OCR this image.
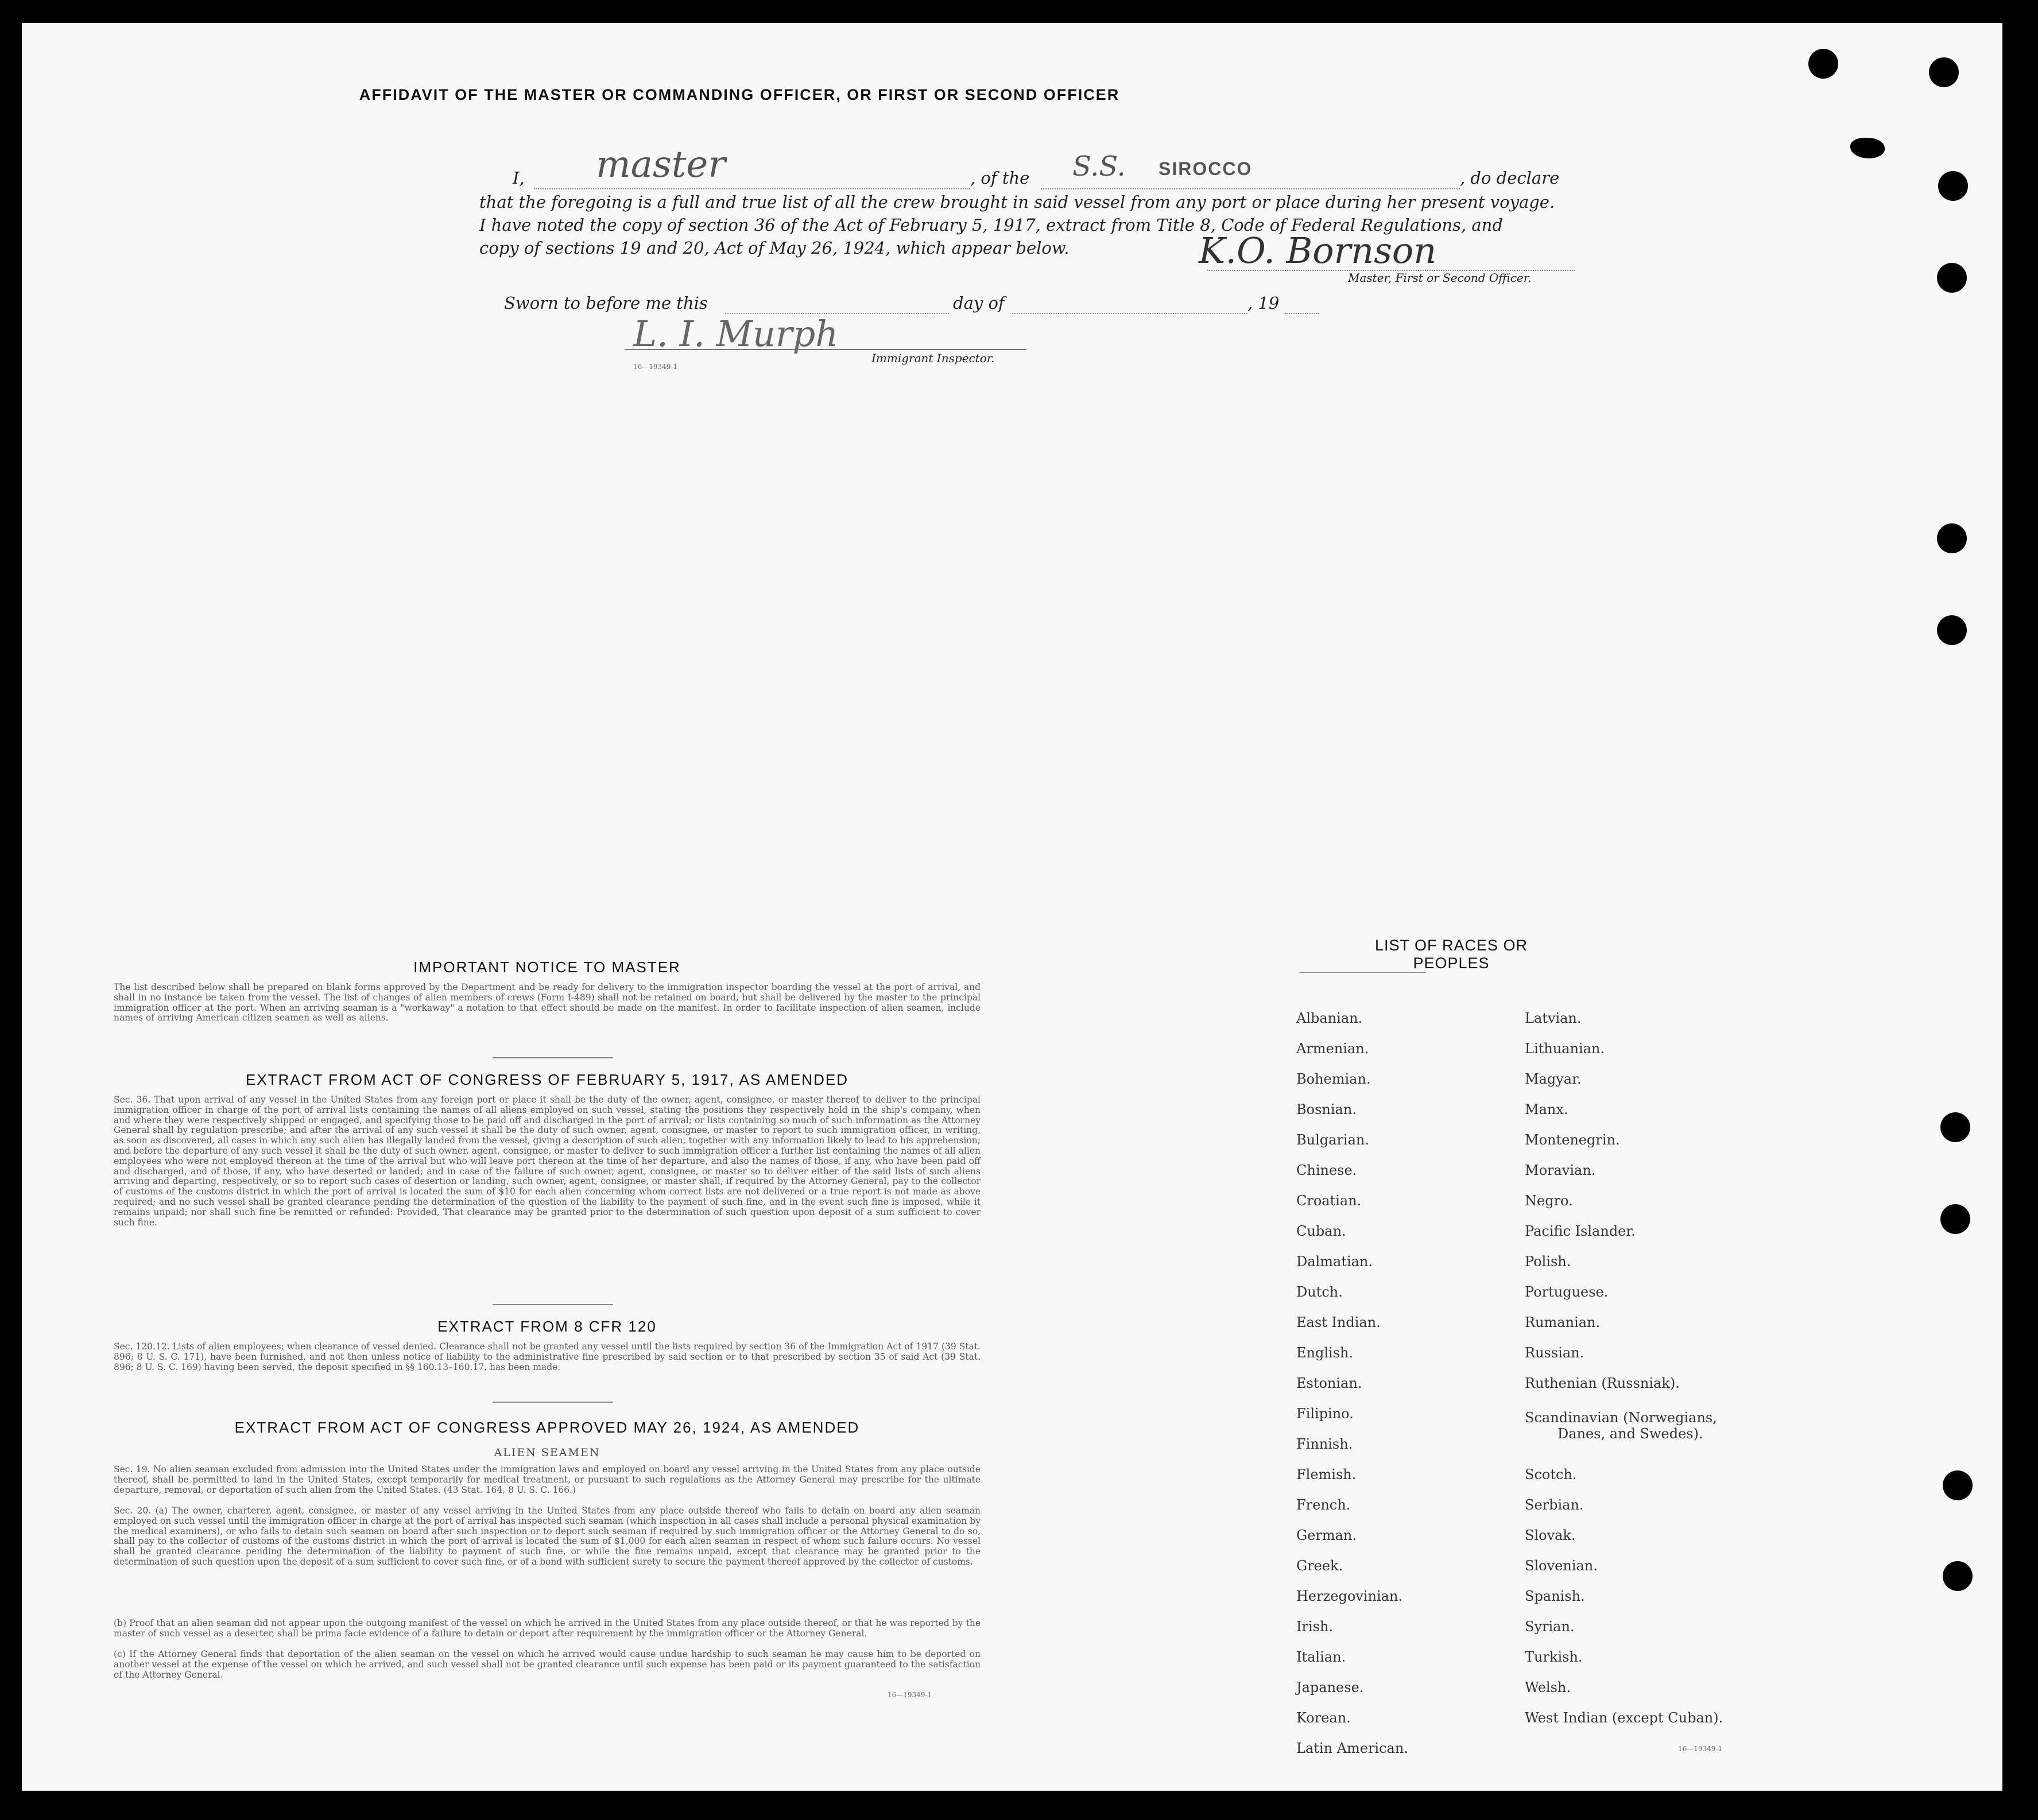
AFFIDAVIT OF THE MASTER OR COMMANDING OFFICER, OR FIRST OR SECOND OFFICER
I, master	, of the S.S. SIROCCO	, do declare
that the foregoing is a full and true list of all the crew brought in said vessel from any port or place during her present voyage.
I have noted the copy of section 36 of the Act of February 5, 1917, extract from Title 8, Code of Federal Regulations, and
copy of sections 19 and 20, Act of May 26, 1924, which appear below.	K.O. Bornson
Master, First or Second Officer.
Sworn to before me this	day of	, 19
L. I. Murph
Immigrant Inspector.
16—19349-1
IMPORTANT NOTICE TO MASTER
The list described below shall be prepared on blank forms approved by the Department and be ready for delivery to the immigration inspector boarding the vessel at the port of arrival, and shall in no instance be taken from the vessel. The list of changes of alien members of crews (Form I-489) shall not be retained on board, but shall be delivered by the master to the principal immigration officer at the port. When an arriving seaman is a "workaway" a notation to that effect should be made on the manifest. In order to facilitate inspection of alien seamen, include names of arriving American citizen seamen as well as aliens.
EXTRACT FROM ACT OF CONGRESS OF FEBRUARY 5, 1917, AS AMENDED
Sec. 36. That upon arrival of any vessel in the United States from any foreign port or place it shall be the duty of the owner, agent, consignee, or master thereof to deliver to the principal immigration officer in charge of the port of arrival lists containing the names of all aliens employed on such vessel, stating the positions they respectively hold in the ship's company, when and where they were respectively shipped or engaged, and specifying those to be paid off and discharged in the port of arrival; or lists containing so much of such information as the Attorney General shall by regulation prescribe; and after the arrival of any such vessel it shall be the duty of such owner, agent, consignee, or master to report to such immigration officer, in writing, as soon as discovered, all cases in which any such alien has illegally landed from the vessel, giving a description of such alien, together with any information likely to lead to his apprehension; and before the departure of any such vessel it shall be the duty of such owner, agent, consignee, or master to deliver to such immigration officer a further list containing the names of all alien employees who were not employed thereon at the time of the arrival but who will leave port thereon at the time of her departure, and also the names of those, if any, who have been paid off and discharged, and of those, if any, who have deserted or landed; and in case of the failure of such owner, agent, consignee, or master so to deliver either of the said lists of such aliens arriving and departing, respectively, or so to report such cases of desertion or landing, such owner, agent, consignee, or master shall, if required by the Attorney General, pay to the collector of customs of the customs district in which the port of arrival is located the sum of $10 for each alien concerning whom correct lists are not delivered or a true report is not made as above required; and no such vessel shall be granted clearance pending the determination of the question of the liability to the payment of such fine, and in the event such fine is imposed, while it remains unpaid; nor shall such fine be remitted or refunded: Provided, That clearance may be granted prior to the determination of such question upon deposit of a sum sufficient to cover such fine.
EXTRACT FROM 8 CFR 120
Sec. 120.12. Lists of alien employees; when clearance of vessel denied. Clearance shall not be granted any vessel until the lists required by section 36 of the Immigration Act of 1917 (39 Stat. 896; 8 U. S. C. 171), have been furnished, and not then unless notice of liability to the administrative fine prescribed by said section or to that prescribed by section 35 of said Act (39 Stat. 896; 8 U. S. C. 169) having been served, the deposit specified in §§ 160.13–160.17, has been made.
EXTRACT FROM ACT OF CONGRESS APPROVED MAY 26, 1924, AS AMENDED
ALIEN SEAMEN
Sec. 19. No alien seaman excluded from admission into the United States under the immigration laws and employed on board any vessel arriving in the United States from any place outside thereof, shall be permitted to land in the United States, except temporarily for medical treatment, or pursuant to such regulations as the Attorney General may prescribe for the ultimate departure, removal, or deportation of such alien from the United States. (43 Stat. 164, 8 U. S. C. 166.)
Sec. 20. (a) The owner, charterer, agent, consignee, or master of any vessel arriving in the United States from any place outside thereof who fails to detain on board any alien seaman employed on such vessel until the immigration officer in charge at the port of arrival has inspected such seaman (which inspection in all cases shall include a personal physical examination by the medical examiners), or who fails to detain such seaman on board after such inspection or to deport such seaman if required by such immigration officer or the Attorney General to do so, shall pay to the collector of customs of the customs district in which the port of arrival is located the sum of $1,000 for each alien seaman in respect of whom such failure occurs. No vessel shall be granted clearance pending the determination of the liability to payment of such fine, or while the fine remains unpaid, except that clearance may be granted prior to the determination of such question upon the deposit of a sum sufficient to cover such fine, or of a bond with sufficient surety to secure the payment thereof approved by the collector of customs.
(b) Proof that an alien seaman did not appear upon the outgoing manifest of the vessel on which he arrived in the United States from any place outside thereof, or that he was reported by the master of such vessel as a deserter, shall be prima facie evidence of a failure to detain or deport after requirement by the immigration officer or the Attorney General.
(c) If the Attorney General finds that deportation of the alien seaman on the vessel on which he arrived would cause undue hardship to such seaman he may cause him to be deported on another vessel at the expense of the vessel on which he arrived, and such vessel shall not be granted clearance until such expense has been paid or its payment guaranteed to the satisfaction of the Attorney General.
16—19349-1
LIST OF RACES OR PEOPLES
Albanian.
Armenian.
Bohemian.
Bosnian.
Bulgarian.
Chinese.
Croatian.
Cuban.
Dalmatian.
Dutch.
East Indian.
English.
Estonian.
Filipino.
Finnish.
Flemish.
French.
German.
Greek.
Herzegovinian.
Irish.
Italian.
Japanese.
Korean.
Latin American.
Latvian.
Lithuanian.
Magyar.
Manx.
Montenegrin.
Moravian.
Negro.
Pacific Islander.
Polish.
Portuguese.
Rumanian.
Russian.
Ruthenian (Russniak).
Scandinavian (Norwegians,
Danes, and Swedes).
Scotch.
Serbian.
Slovak.
Slovenian.
Spanish.
Syrian.
Turkish.
Welsh.
West Indian (except Cuban).
16—19349-1
